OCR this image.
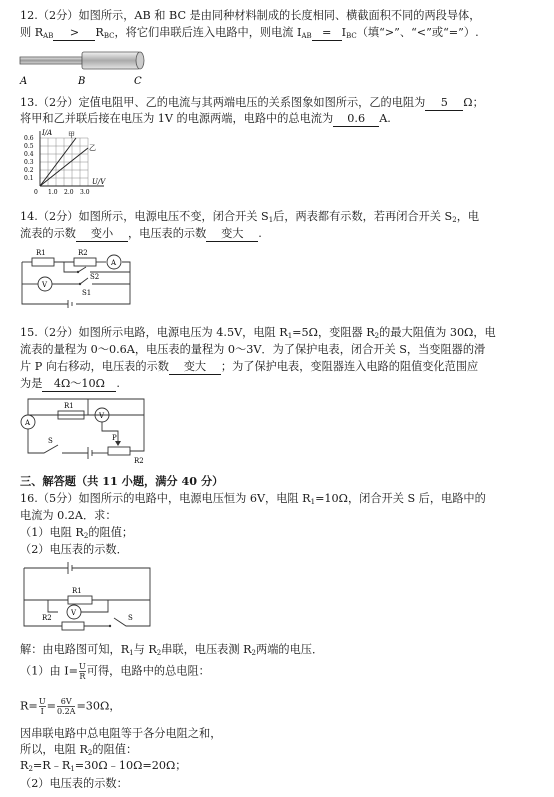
12.（2分）如图所示，AB 和 BC 是由同种材料制成的长度相同、横截面积不同的两段导体，
则 $R_{AB} > R_{BC}$，将它们串联后连入电路中，则电流 $I_{AB} = I_{BC}$（填“>”、“<”或“=”）.
A	B	C
13.（2分）定值电阻甲、乙的电流与其两端电压的关系图象如图所示，乙的电阻为 5 Ω；
将甲和乙并联后接在电压为 1V 的电源两端，电路中的总电流为 0.6 A.
I/A
U/V
乙
甲
0.6
0.5
0.4
0.3
0.2
0.1
0 1.0 2.0 3.0
14.（2分）如图所示，电源电压不变，闭合开关 $S_1$后，两表都有示数，若再闭合开关 $S_2$，电
流表的示数 变小 ，电压表的示数 变大 .
R1	R2
A
V
S2
S1
15.（2分）如图所示电路，电源电压为 4.5V，电阻 $R_1=5\Omega$，变阻器 $R_2$的最大阻值为 30Ω，电
流表的量程为 0～0.6A，电压表的量程为 0～3V．为了保护电表，闭合开关 S，当变阻器的滑
片 P 向右移动，电压表的示数 变大 ；为了保护电表，变阻器连入电路的阻值变化范围应
为是 4Ω～10Ω .
A
V
R1
S	P
R2
三、解答题（共 11 小题，满分 40 分）
16.（5分）如图所示的电路中，电源电压恒为 6V，电阻 $R_1=10\Omega$，闭合开关 S 后，电路中的
电流为 0.2A．求：
（1）电阻 $R_2$的阻值；
（2）电压表的示数．
V
R1
R2	S
解：由电路图可知，$R_1$与 $R_2$串联，电压表测 $R_2$两端的电压．
（1）由 $I= \frac{U}{R}$ 可得，电路中的总电阻：
$R= \frac{U}{I} = \frac{6V}{0.2A} =30\Omega$，
因串联电路中总电阻等于各分电阻之和，
所以，电阻 $R_2$的阻值：
$R_2=R﹣R_1=30\Omega﹣10\Omega=20\Omega$；
（2）电压表的示数：
